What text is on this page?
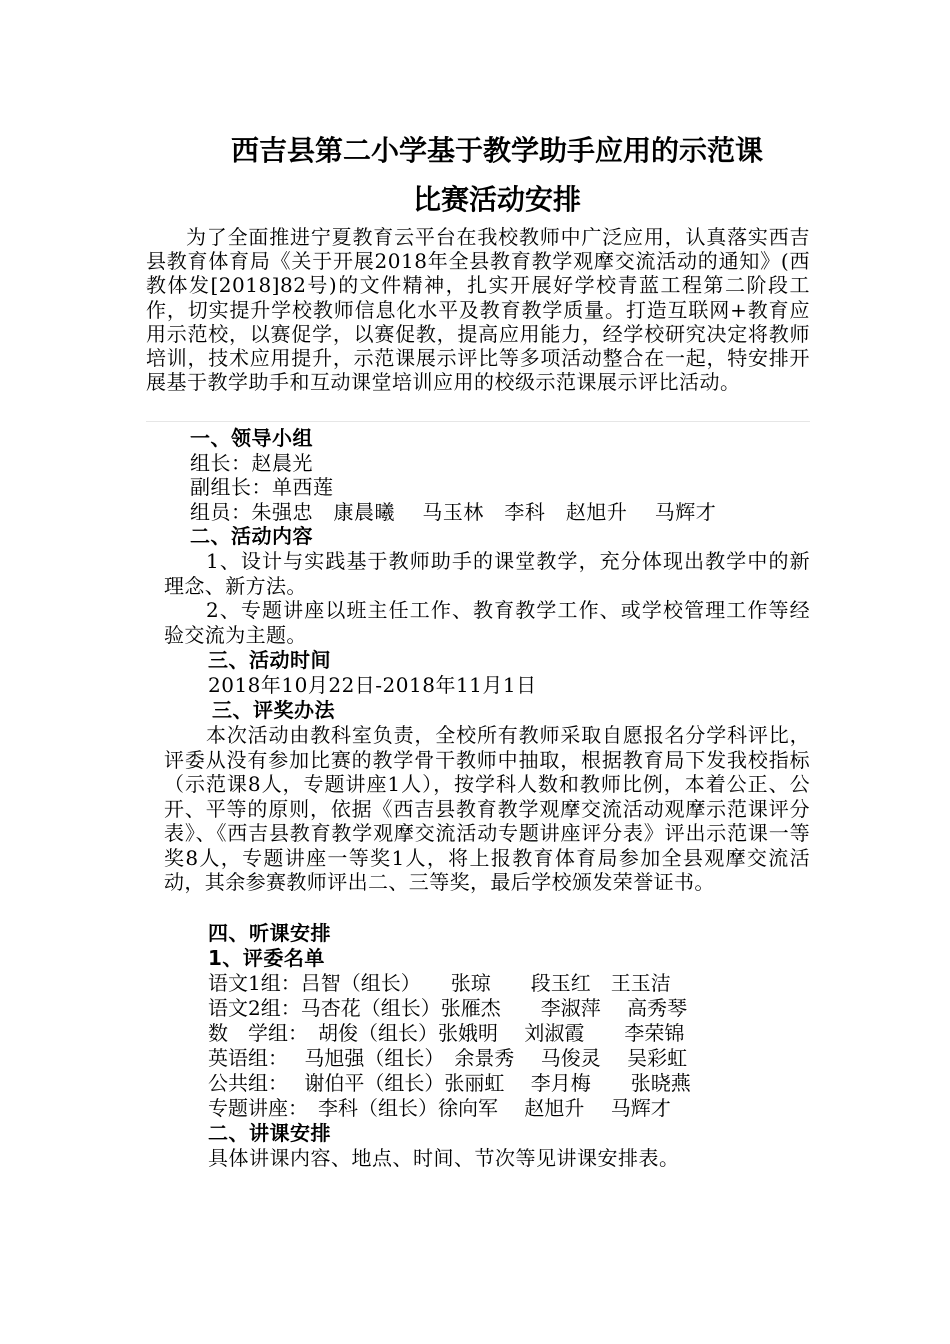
西吉县第二小学基于教学助手应用的示范课
比赛活动安排
为了全面推进宁夏教育云平台在我校教师中广泛应用，认真落实西吉县教育体育局《关于开展2018年全县教育教学观摩交流活动的通知》(西教体发[2018]82号)的文件精神，扎实开展好学校青蓝工程第二阶段工作，切实提升学校教师信息化水平及教育教学质量。打造互联网+教育应用示范校，以赛促学，以赛促教，提高应用能力，经学校研究决定将教师培训，技术应用提升，示范课展示评比等多项活动整合在一起，特安排开展基于教学助手和互动课堂培训应用的校级示范课展示评比活动。
一、领导小组
组长：赵晨光
副组长：单西莲
组员：朱强忠　康晨曦　 马玉林　李科　赵旭升　 马辉才
二、活动内容
1、设计与实践基于教师助手的课堂教学，充分体现出教学中的新理念、新方法。
2、专题讲座以班主任工作、教育教学工作、或学校管理工作等经验交流为主题。
三、活动时间
2018年10月22日-2018年11月1日
三、评奖办法
本次活动由教科室负责，全校所有教师采取自愿报名分学科评比，评委从没有参加比赛的教学骨干教师中抽取，根据教育局下发我校指标（示范课8人，专题讲座1人），按学科人数和教师比例，本着公正、公开、平等的原则，依据《西吉县教育教学观摩交流活动观摩示范课评分表》、《西吉县教育教学观摩交流活动专题讲座评分表》评出示范课一等奖8人，专题讲座一等奖1人，将上报教育体育局参加全县观摩交流活动，其余参赛教师评出二、三等奖，最后学校颁发荣誉证书。
四、听课安排
1、评委名单
语文1组：吕智（组长）　　张琼　　段玉红　王玉洁
语文2组：马杏花（组长）张雁杰　　李淑萍　 高秀琴
数　学组：　胡俊（组长）张娥明　 刘淑霞　　李荣锦
英语组：　 马旭强（组长）　余景秀　 马俊灵　 吴彩虹
公共组：　 谢伯平（组长）张丽虹　 李月梅　　张晓燕
专题讲座：　李科（组长）徐向军　 赵旭升　 马辉才
二、讲课安排
具体讲课内容、地点、时间、节次等见讲课安排表。
